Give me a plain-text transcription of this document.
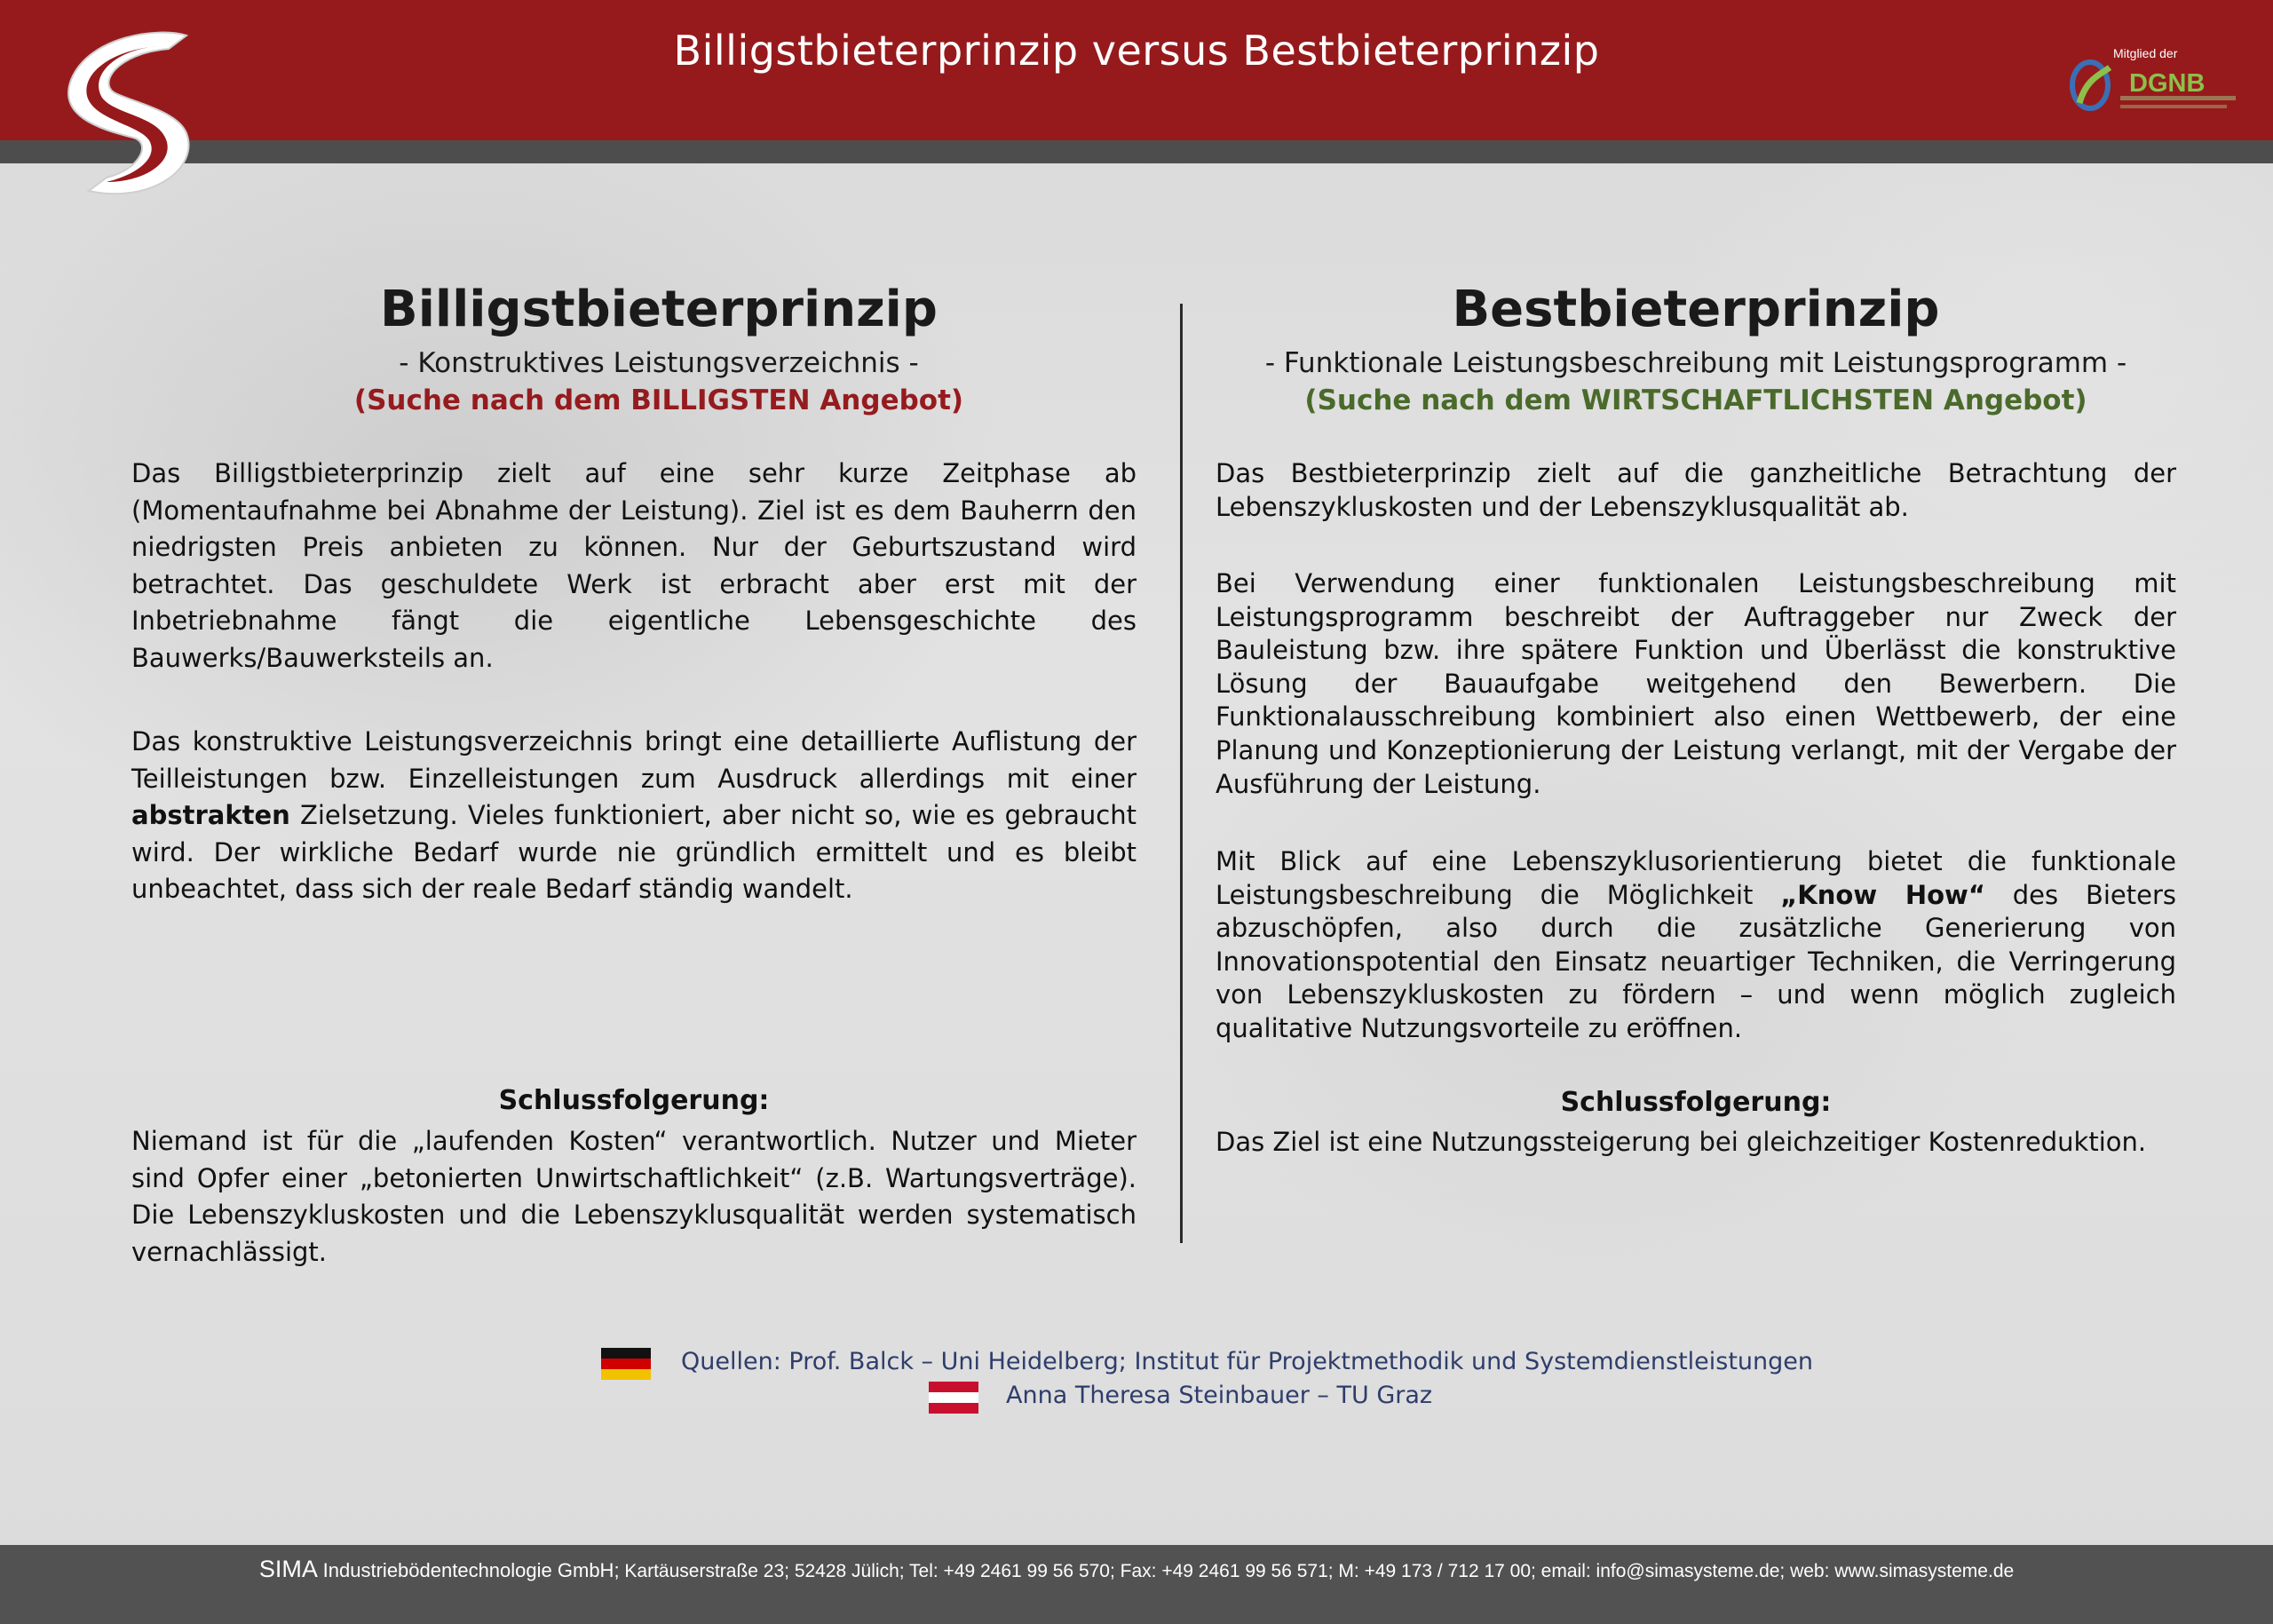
Billigstbieterprinzip versus Bestbieterprinzip	Mitglied der
DGNB
Billigstbieterprinzip
- Konstruktives Leistungsverzeichnis -
(Suche nach dem BILLIGSTEN Angebot)
Das Billigstbieterprinzip zielt auf eine sehr kurze Zeitphase ab (Momentaufnahme bei Abnahme der Leistung). Ziel ist es dem Bauherrn den niedrigsten Preis anbieten zu können. Nur der Geburtszustand wird betrachtet. Das geschuldete Werk ist erbracht aber erst mit der Inbetriebnahme fängt die eigentliche Lebensgeschichte des Bauwerks/Bauwerksteils an.
Das konstruktive Leistungsverzeichnis bringt eine detaillierte Auflistung der Teilleistungen bzw. Einzelleistungen zum Ausdruck allerdings mit einer abstrakten Zielsetzung. Vieles funktioniert, aber nicht so, wie es gebraucht wird. Der wirkliche Bedarf wurde nie gründlich ermittelt und es bleibt unbeachtet, dass sich der reale Bedarf ständig wandelt.
Schlussfolgerung:
Niemand ist für die „laufenden Kosten“ verantwortlich. Nutzer und Mieter sind Opfer einer „betonierten Unwirtschaftlichkeit“ (z.B. Wartungsverträge). Die Lebenszykluskosten und die Lebenszyklusqualität werden systematisch vernachlässigt.
Bestbieterprinzip
- Funktionale Leistungsbeschreibung mit Leistungsprogramm -
(Suche nach dem WIRTSCHAFTLICHSTEN Angebot)
Das Bestbieterprinzip zielt auf die ganzheitliche Betrachtung der Lebenszykluskosten und der Lebenszyklusqualität ab.
Bei Verwendung einer funktionalen Leistungsbeschreibung mit Leistungsprogramm beschreibt der Auftraggeber nur Zweck der Bauleistung bzw. ihre spätere Funktion und Überlässt die konstruktive Lösung der Bauaufgabe weitgehend den Bewerbern. Die Funktionalausschreibung kombiniert also einen Wettbewerb, der eine Planung und Konzeptionierung der Leistung verlangt, mit der Vergabe der Ausführung der Leistung.
Mit Blick auf eine Lebenszyklusorientierung bietet die funktionale Leistungsbeschreibung die Möglichkeit „Know How“ des Bieters abzuschöpfen, also durch die zusätzliche Generierung von Innovationspotential den Einsatz neuartiger Techniken, die Verringerung von Lebenszykluskosten zu fördern – und wenn möglich zugleich qualitative Nutzungsvorteile zu eröffnen.
Schlussfolgerung:
Das Ziel ist eine Nutzungssteigerung bei gleichzeitiger Kostenreduktion.
Quellen: Prof. Balck – Uni Heidelberg; Institut für Projektmethodik und Systemdienstleistungen
Anna Theresa Steinbauer – TU Graz
SIMA Industriebödentechnologie GmbH; Kartäuserstraße 23; 52428 Jülich; Tel: +49 2461 99 56 570; Fax: +49 2461 99 56 571; M: +49 173 / 712 17 00; email: info@simasysteme.de; web: www.simasysteme.de
